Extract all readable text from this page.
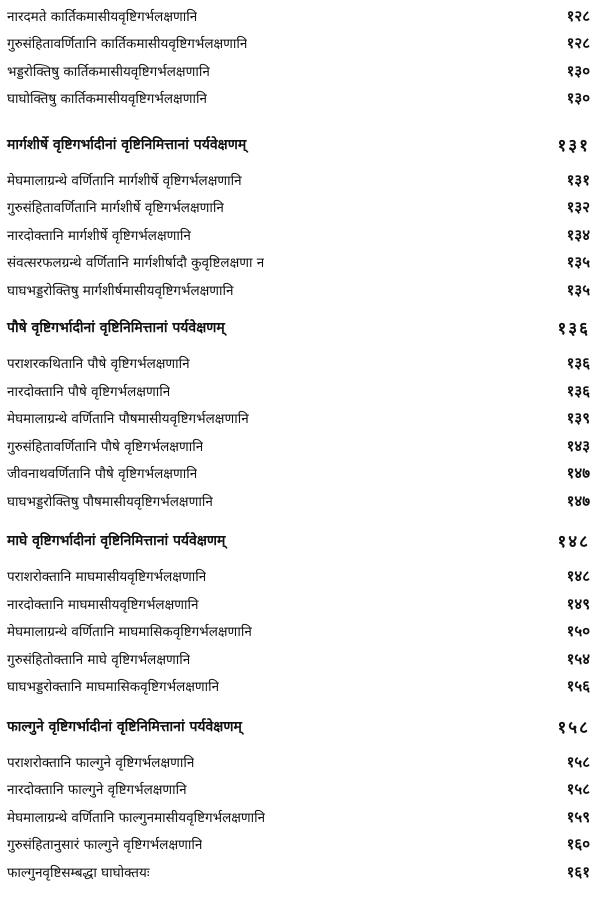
नारदमते कार्तिकमासीयवृष्टिगर्भलक्षणानि	१२८
गुरुसंहितावर्णितानि कार्तिकमासीयवृष्टिगर्भलक्षणानि	१२८
भड्डरोक्तिषु कार्तिकमासीयवृष्टिगर्भलक्षणानि	१३०
घाघोक्तिषु कार्तिकमासीयवृष्टिगर्भलक्षणानि	१३०
मार्गशीर्षे वृष्टिगर्भादीनां वृष्टिनिमित्तानां पर्यवेक्षणम्	१३१
मेघमालाग्रन्थे वर्णितानि मार्गशीर्षे वृष्टिगर्भलक्षणानि	१३१
गुरुसंहितावर्णितानि मार्गशीर्षे वृष्टिगर्भलक्षणानि	१३२
नारदोक्तानि मार्गशीर्षे वृष्टिगर्भलक्षणानि	१३४
संवत्सरफलग्रन्थे वर्णितानि मार्गशीर्षादौ कुवृष्टिलक्षणा न	१३५
घाघभड्डरोक्तिषु मार्गशीर्षमासीयवृष्टिगर्भलक्षणानि	१३५
पौषे वृष्टिगर्भादीनां वृष्टिनिमित्तानां पर्यवेक्षणम्	१३६
पराशरकथितानि पौषे वृष्टिगर्भलक्षणानि	१३६
नारदोक्तानि पौषे वृष्टिगर्भलक्षणानि	१३६
मेघमालाग्रन्थे वर्णितानि पौषमासीयवृष्टिगर्भलक्षणानि	१३९
गुरुसंहितावर्णितानि पौषे वृष्टिगर्भलक्षणानि	१४३
जीवनाथवर्णितानि पौषे वृष्टिगर्भलक्षणानि	१४७
घाघभड्डरोक्तिषु पौषमासीयवृष्टिगर्भलक्षणानि	१४७
माघे वृष्टिगर्भादीनां वृष्टिनिमित्तानां पर्यवेक्षणम्	१४८
पराशरोक्तानि माघमासीयवृष्टिगर्भलक्षणानि	१४८
नारदोक्तानि माघमासीयवृष्टिगर्भलक्षणानि	१४९
मेघमालाग्रन्थे वर्णितानि माघमासिकवृष्टिगर्भलक्षणानि	१५०
गुरुसंहितोक्तानि माघे वृष्टिगर्भलक्षणानि	१५४
घाघभड्डरोक्तानि माघमासिकवृष्टिगर्भलक्षणानि	१५६
फाल्गुने वृष्टिगर्भादीनां वृष्टिनिमित्तानां पर्यवेक्षणम्	१५८
पराशरोक्तानि फाल्गुने वृष्टिगर्भलक्षणानि	१५८
नारदोक्तानि फाल्गुने वृष्टिगर्भलक्षणानि	१५८
मेघमालाग्रन्थे वर्णितानि फाल्गुनमासीयवृष्टिगर्भलक्षणानि	१५९
गुरुसंहितानुसारं फाल्गुने वृष्टिगर्भलक्षणानि	१६०
फाल्गुनवृष्टिसम्बद्धा घाघोक्तयः	१६१
